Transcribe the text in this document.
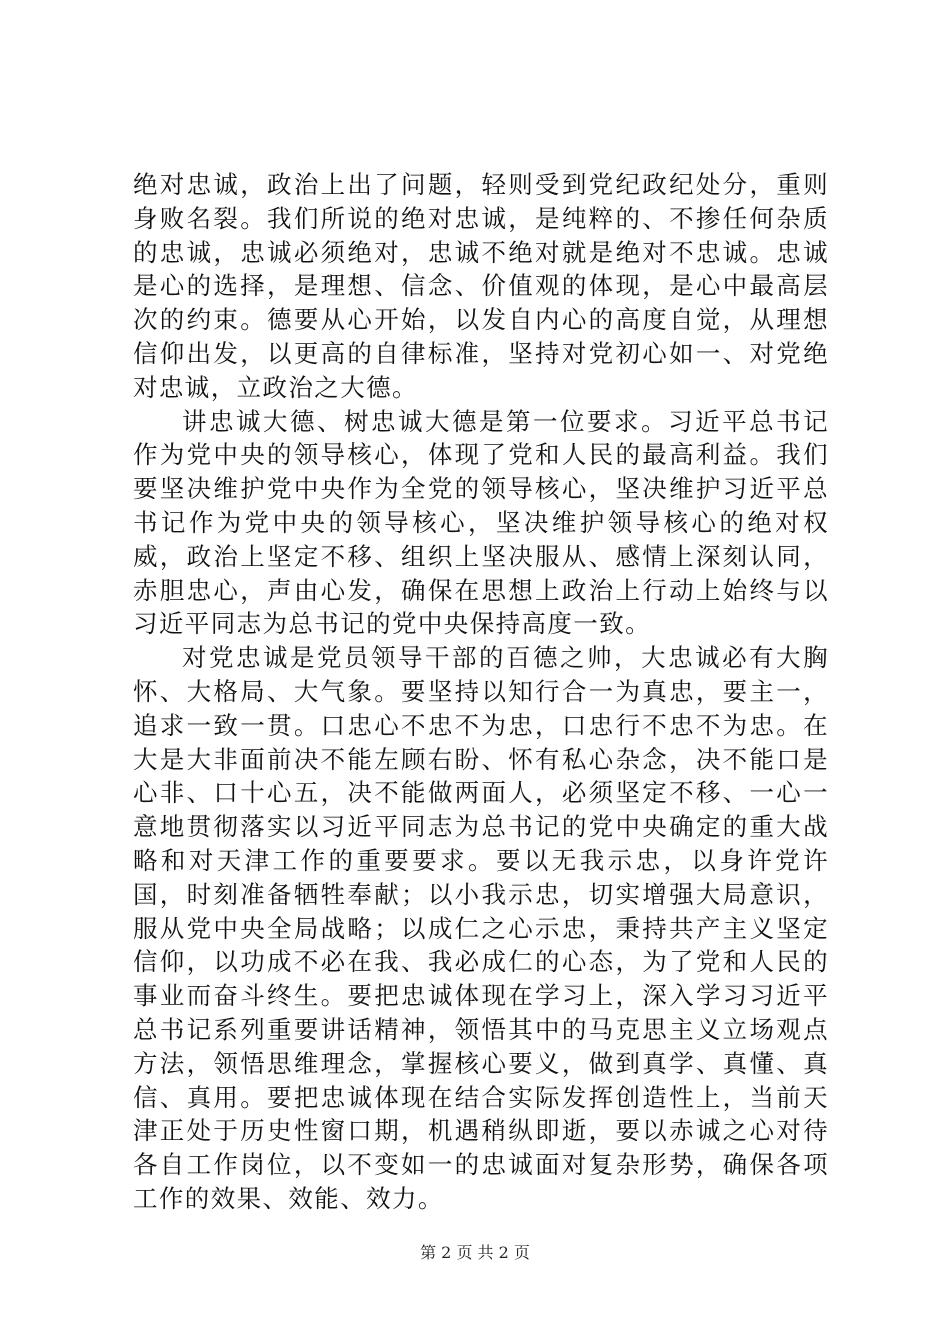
绝对忠诚，政治上出了问题，轻则受到党纪政纪处分，重则身败名裂。我们所说的绝对忠诚，是纯粹的、不掺任何杂质的忠诚，忠诚必须绝对，忠诚不绝对就是绝对不忠诚。忠诚是心的选择，是理想、信念、价值观的体现，是心中最高层次的约束。德要从心开始，以发自内心的高度自觉，从理想信仰出发，以更高的自律标准，坚持对党初心如一、对党绝对忠诚，立政治之大德。

讲忠诚大德、树忠诚大德是第一位要求。习近平总书记作为党中央的领导核心，体现了党和人民的最高利益。我们要坚决维护党中央作为全党的领导核心，坚决维护习近平总书记作为党中央的领导核心，坚决维护领导核心的绝对权威，政治上坚定不移、组织上坚决服从、感情上深刻认同，赤胆忠心，声由心发，确保在思想上政治上行动上始终与以习近平同志为总书记的党中央保持高度一致。

对党忠诚是党员领导干部的百德之帅，大忠诚必有大胸怀、大格局、大气象。要坚持以知行合一为真忠，要主一，追求一致一贯。口忠心不忠不为忠，口忠行不忠不为忠。在大是大非面前决不能左顾右盼、怀有私心杂念，决不能口是心非、口十心五，决不能做两面人，必须坚定不移、一心一意地贯彻落实以习近平同志为总书记的党中央确定的重大战略和对天津工作的重要要求。要以无我示忠，以身许党许国，时刻准备牺牲奉献；以小我示忠，切实增强大局意识，服从党中央全局战略；以成仁之心示忠，秉持共产主义坚定信仰，以功成不必在我、我必成仁的心态，为了党和人民的事业而奋斗终生。要把忠诚体现在学习上，深入学习习近平总书记系列重要讲话精神，领悟其中的马克思主义立场观点方法，领悟思维理念，掌握核心要义，做到真学、真懂、真信、真用。要把忠诚体现在结合实际发挥创造性上，当前天津正处于历史性窗口期，机遇稍纵即逝，要以赤诚之心对待各自工作岗位，以不变如一的忠诚面对复杂形势，确保各项工作的效果、效能、效力。

第 2 页 共 2 页
